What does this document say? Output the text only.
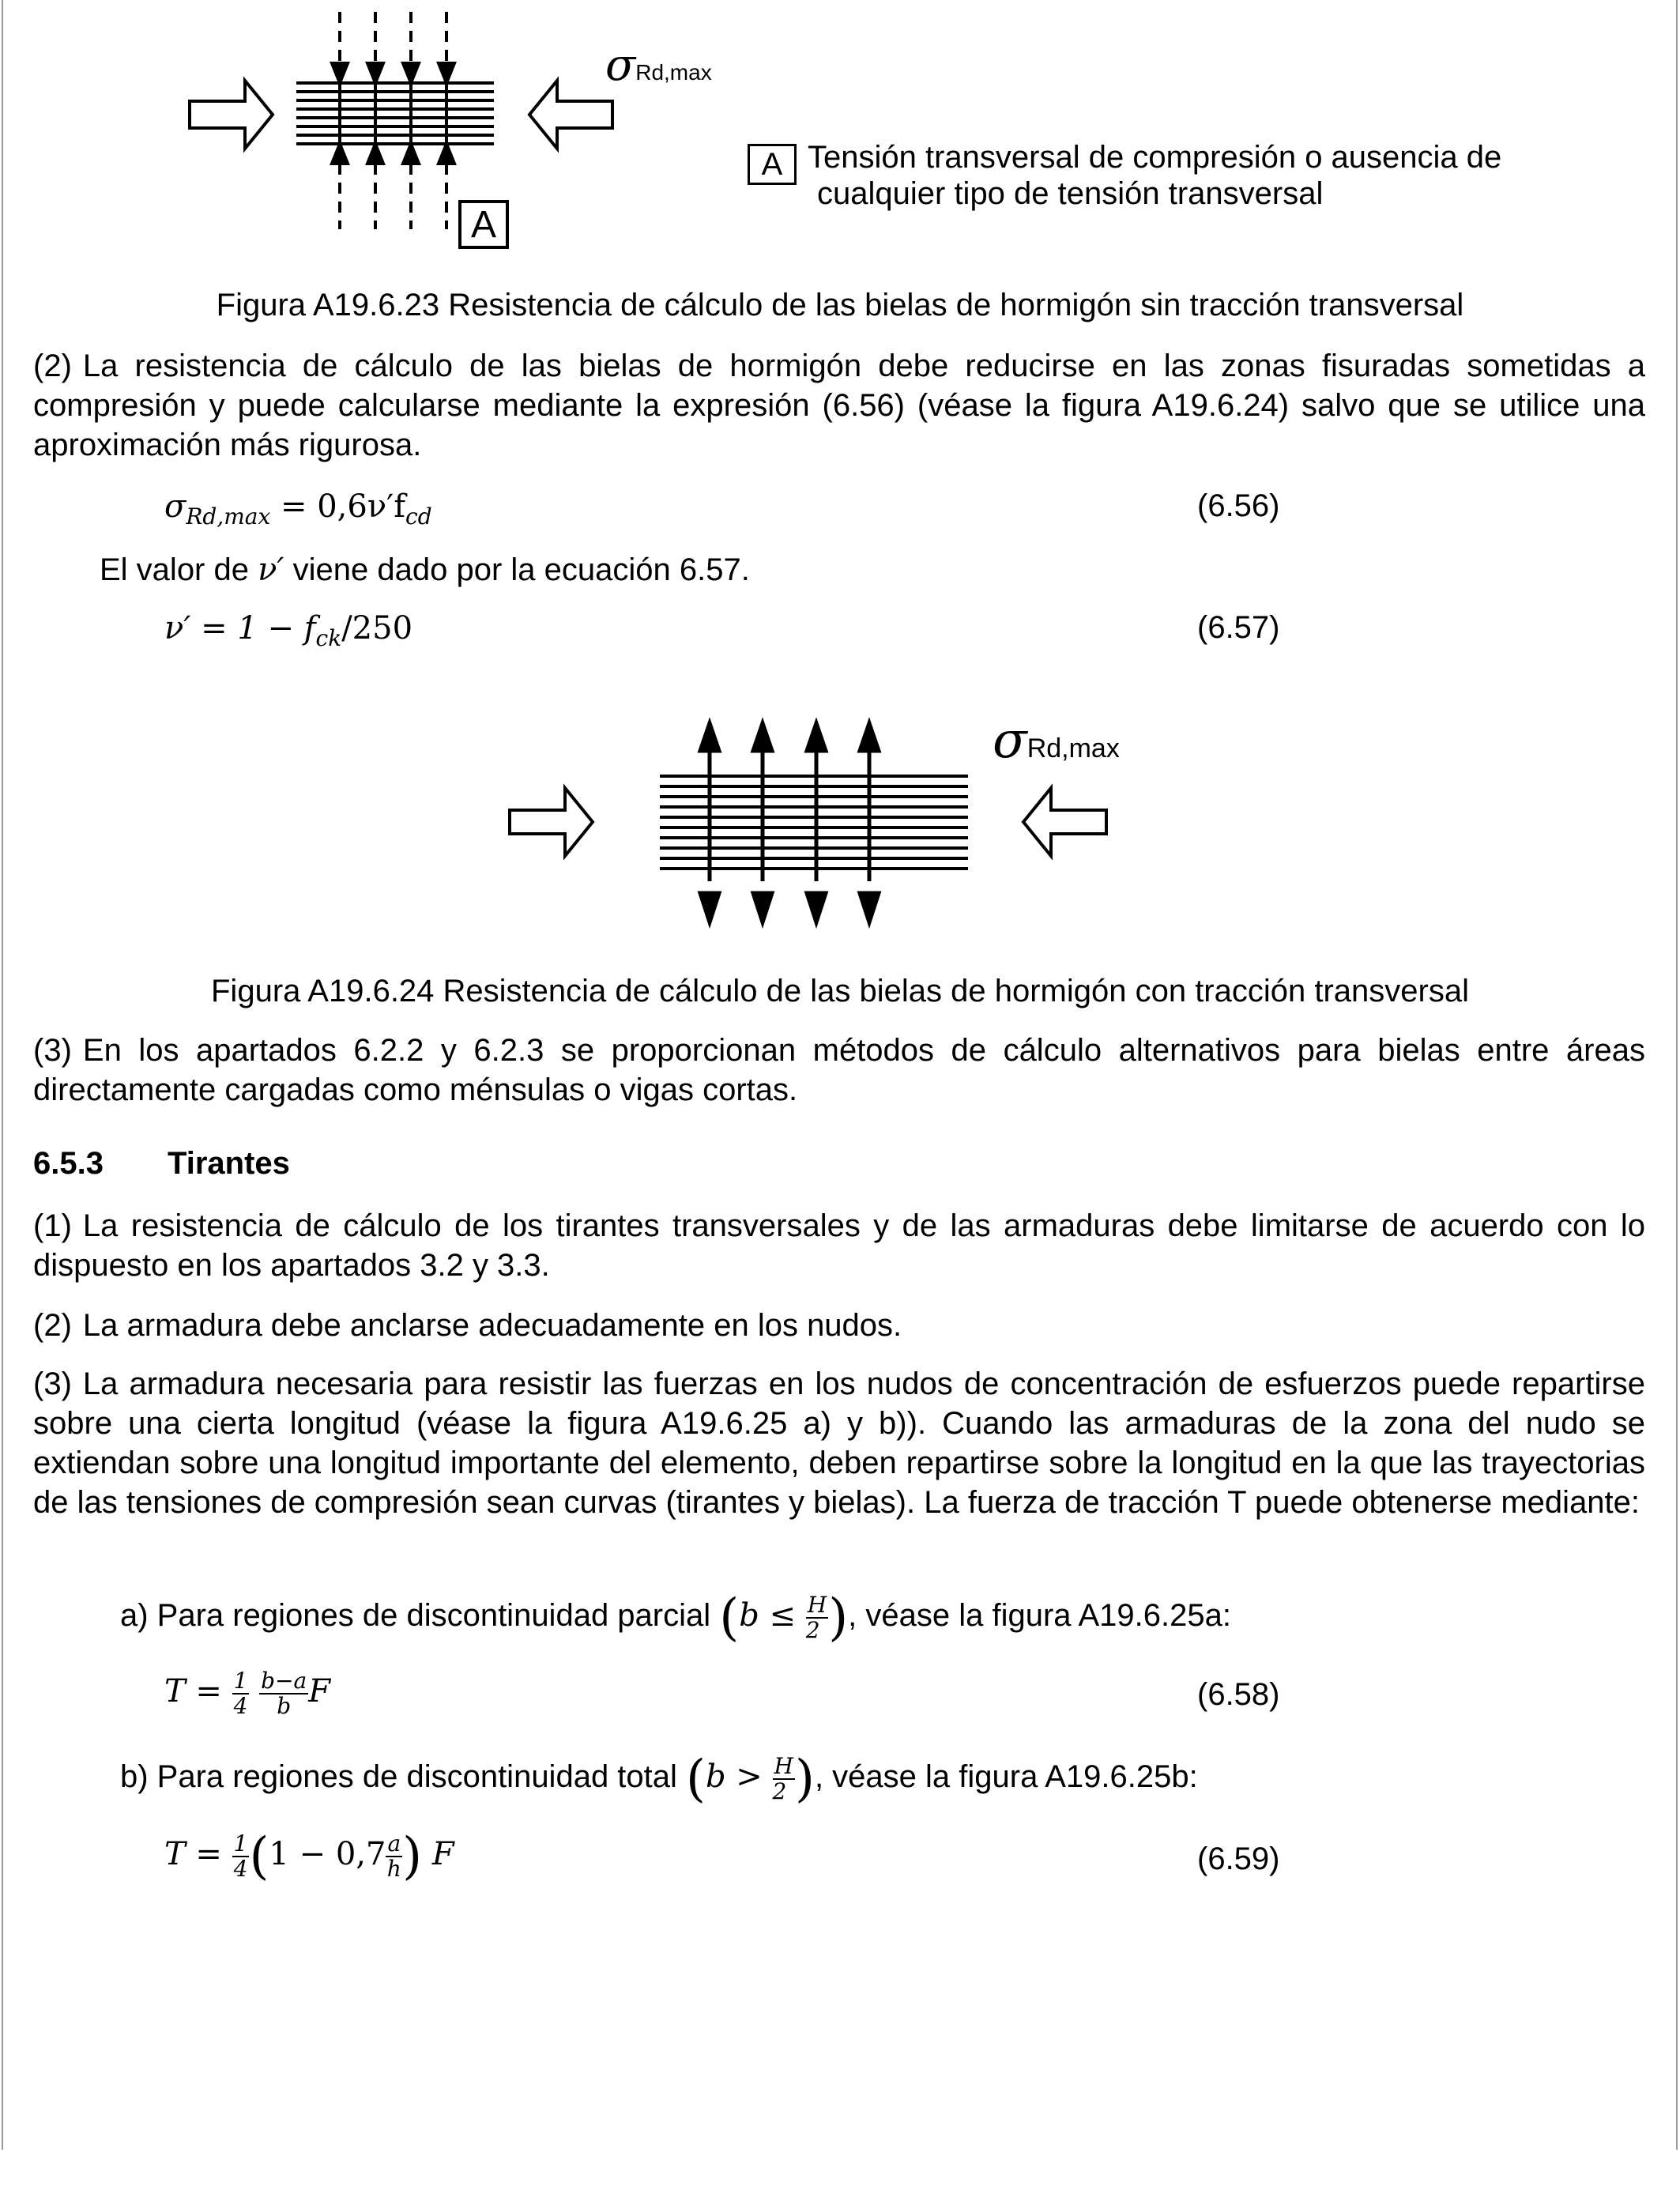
A
σRd,max
A Tensión transversal de compresión o ausencia de
cualquier tipo de tensión transversal
Figura A19.6.23 Resistencia de cálculo de las bielas de hormigón sin tracción transversal
(2) La resistencia de cálculo de las bielas de hormigón debe reducirse en las zonas fisuradas sometidas a compresión y puede calcularse mediante la expresión (6.56) (véase la figura A19.6.24) salvo que se utilice una aproximación más rigurosa.
$\sigma_{Rd,max} = 0,6\nu'f_{cd}$	(6.56)
El valor de ν′ viene dado por la ecuación 6.57.
$\nu' = 1 - f_{ck}/250$	(6.57)
σRd,max
Figura A19.6.24 Resistencia de cálculo de las bielas de hormigón con tracción transversal
(3) En los apartados 6.2.2 y 6.2.3 se proporcionan métodos de cálculo alternativos para bielas entre áreas directamente cargadas como ménsulas o vigas cortas.
6.5.3 Tirantes
(1) La resistencia de cálculo de los tirantes transversales y de las armaduras debe limitarse de acuerdo con lo dispuesto en los apartados 3.2 y 3.3.
(2) La armadura debe anclarse adecuadamente en los nudos.
(3) La armadura necesaria para resistir las fuerzas en los nudos de concentración de esfuerzos puede repartirse sobre una cierta longitud (véase la figura A19.6.25 a) y b)). Cuando las armaduras de la zona del nudo se extiendan sobre una longitud importante del elemento, deben repartirse sobre la longitud en la que las trayectorias de las tensiones de compresión sean curvas (tirantes y bielas). La fuerza de tracción T puede obtenerse mediante:
a) Para regiones de discontinuidad parcial ($b \le \frac{H}{2}$ ), véase la figura A19.6.25a:
$T = \frac{1}{4}$
$\frac{b-a}{b}$ F	(6.58)
b) Para regiones de discontinuidad total ($b > \frac{H}{2}$ ), véase la figura A19.6.25b:
$T = \frac{1}{4} (1 - 0,7 \frac{a}{h}$ ) F	(6.59)
